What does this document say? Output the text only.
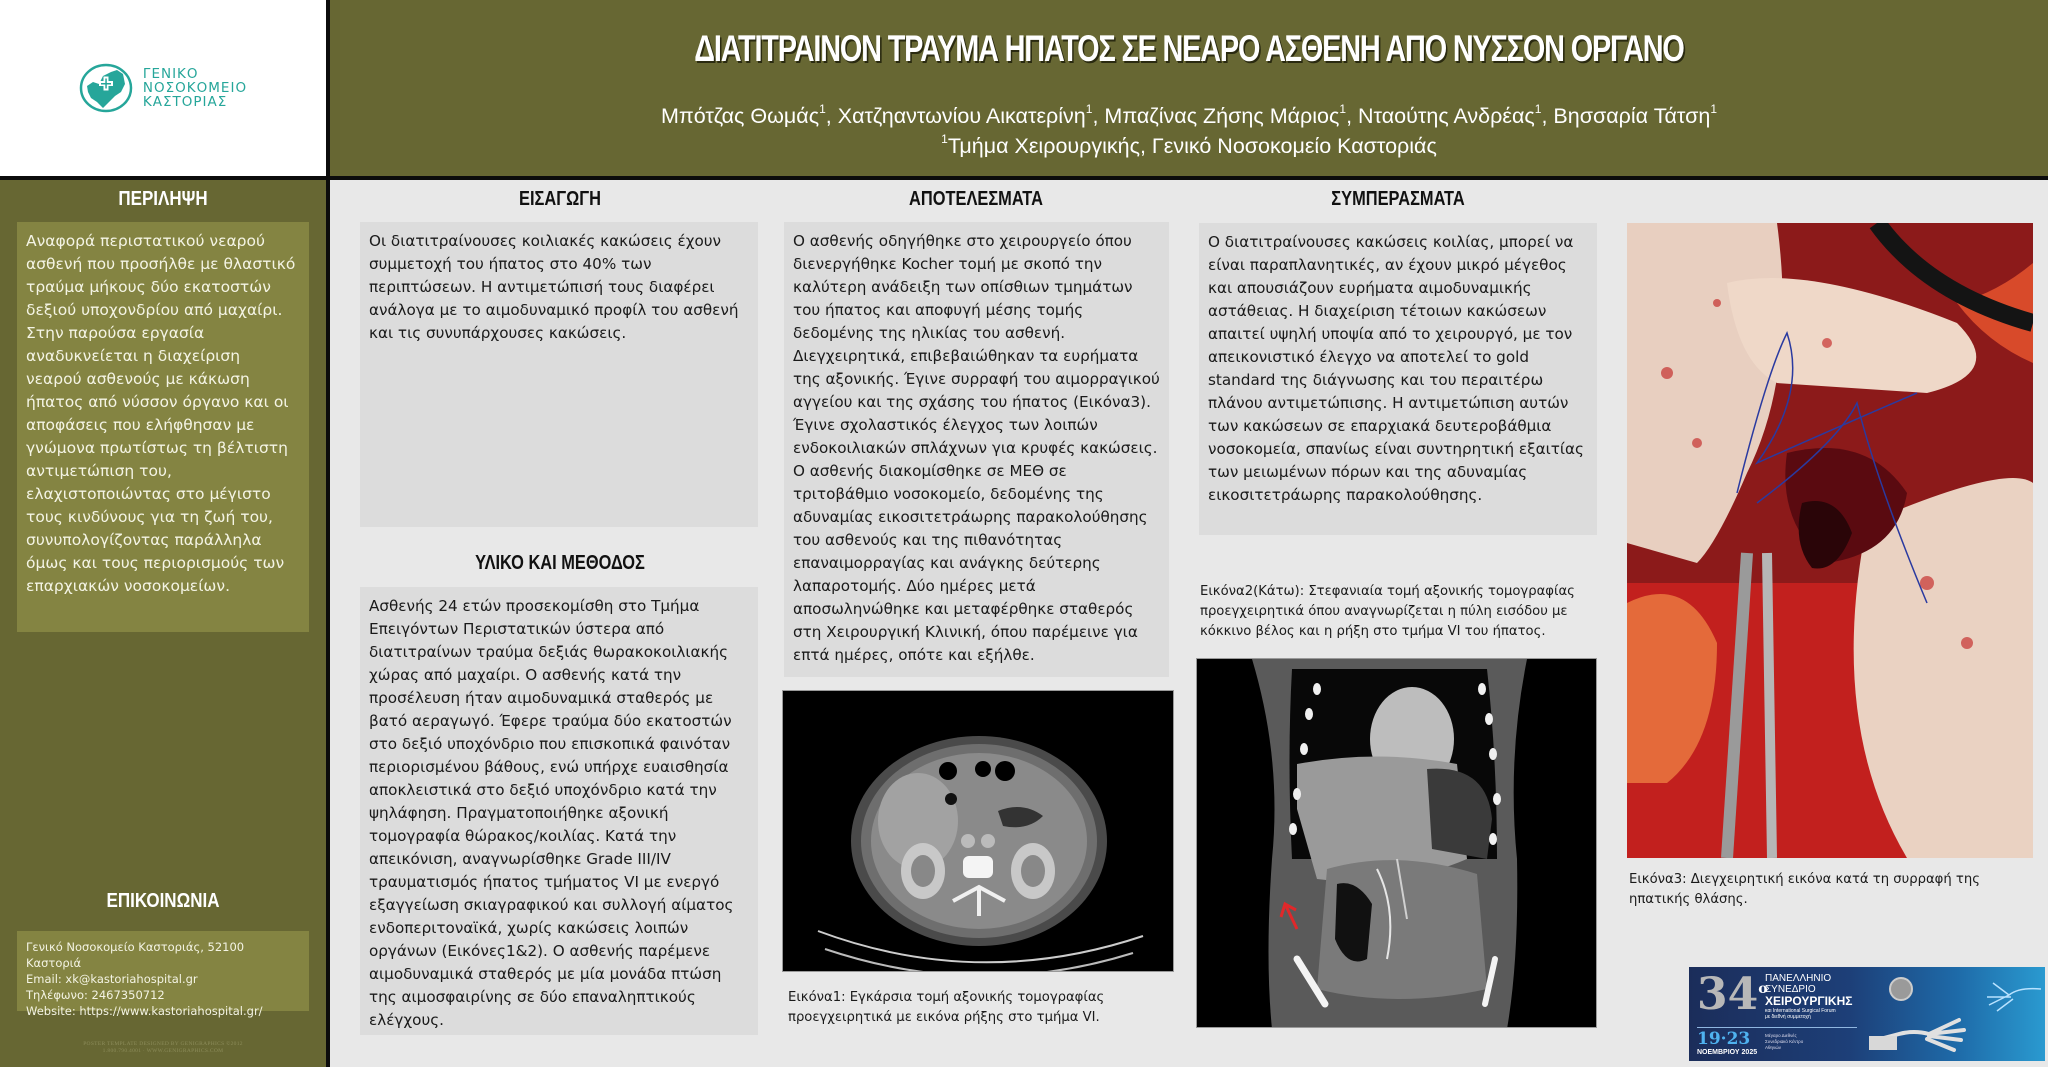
ΓΕΝΙΚΟ
ΝΟΣΟΚΟΜΕΙΟ
ΚΑΣΤΟΡΙΑΣ
ΔΙΑΤΙΤΡΑΙΝΟΝ ΤΡΑΥΜΑ ΗΠΑΤΟΣ ΣΕ ΝΕΑΡΟ ΑΣΘΕΝΗ ΑΠΟ ΝΥΣΣΟΝ ΟΡΓΑΝΟ
Μπότζας Θωμάς$^1$, Χατζηαντωνίου Αικατερίνη$^1$, Μπαζίνας Ζήσης Μάριος$^1$, Νταούτης Ανδρέας$^1$, Βησσαρία Τάτση$^1$
$^1$Τμήμα Χειρουργικής, Γενικό Νοσοκομείο Καστοριάς
ΠΕΡΙΛΗΨΗ
Αναφορά περιστατικού νεαρού ασθενή που προσήλθε με θλαστικό τραύμα μήκους δύο εκατοστών δεξιού υποχονδρίου από μαχαίρι. Στην παρούσα εργασία αναδυκνείεται η διαχείριση νεαρού ασθενούς με κάκωση ήπατος από νύσσον όργανο και οι αποφάσεις που ελήφθησαν με γνώμονα πρωτίστως τη βέλτιστη αντιμετώπιση του, ελαχιστοποιώντας στο μέγιστο τους κινδύνους για τη ζωή του, συνυπολογίζοντας παράλληλα όμως και τους περιορισμούς των επαρχιακών νοσοκομείων.
ΕΠΙΚΟΙΝΩΝΙΑ
Γενικό Νοσοκομείο Καστοριάς, 52100 Καστοριά
Email: xk@kastoriahospital.gr
Τηλέφωνο: 2467350712
Website: https://www.kastoriahospital.gr/
POSTER TEMPLATE DESIGNED BY GENIGRAPHICS ©2012
1.800.790.4001 · WWW.GENIGRAPHICS.COM
ΕΙΣΑΓΩΓΗ
Οι διατιτραίνουσες κοιλιακές κακώσεις έχουν συμμετοχή του ήπατος στο 40% των περιπτώσεων. Η αντιμετώπισή τους διαφέρει ανάλογα με το αιμοδυναμικό προφίλ του ασθενή και τις συνυπάρχουσες κακώσεις.
ΥΛΙΚΟ ΚΑΙ ΜΕΘΟΔΟΣ
Ασθενής 24 ετών προσεκομίσθη στο Τμήμα Επειγόντων Περιστατικών ύστερα από διατιτραίνων τραύμα δεξιάς θωρακοκοιλιακής χώρας από μαχαίρι. Ο ασθενής κατά την προσέλευση ήταν αιμοδυναμικά σταθερός με βατό αεραγωγό. Έφερε τραύμα δύο εκατοστών στο δεξιό υποχόνδριο που επισκοπικά φαινόταν περιορισμένου βάθους, ενώ υπήρχε ευαισθησία αποκλειστικά στο δεξιό υποχόνδριο κατά την ψηλάφηση. Πραγματοποιήθηκε αξονική τομογραφία θώρακος/κοιλίας. Κατά την απεικόνιση, αναγνωρίσθηκε Grade III/IV τραυματισμός ήπατος τμήματος VI με ενεργό εξαγγείωση σκιαγραφικού και συλλογή αίματος ενδοπεριτοναϊκά, χωρίς κακώσεις λοιπών οργάνων (Εικόνες1&2). Ο ασθενής παρέμενε αιμοδυναμικά σταθερός με μία μονάδα πτώση της αιμοσφαιρίνης σε δύο επαναληπτικούς ελέγχους.
ΑΠΟΤΕΛΕΣΜΑΤΑ
Ο ασθενής οδηγήθηκε στο χειρουργείο όπου διενεργήθηκε Kocher τομή με σκοπό την καλύτερη ανάδειξη των οπίσθιων τμημάτων του ήπατος και αποφυγή μέσης τομής δεδομένης της ηλικίας του ασθενή. Διεγχειρητικά, επιβεβαιώθηκαν τα ευρήματα της αξονικής. Έγινε συρραφή του αιμορραγικού αγγείου και της σχάσης του ήπατος (Εικόνα3). Έγινε σχολαστικός έλεγχος των λοιπών ενδοκοιλιακών σπλάχνων για κρυφές κακώσεις. Ο ασθενής διακομίσθηκε σε ΜΕΘ σε τριτοβάθμιο νοσοκομείο, δεδομένης της αδυναμίας εικοσιτετράωρης παρακολούθησης του ασθενούς και της πιθανότητας επαναιμορραγίας και ανάγκης δεύτερης λαπαροτομής. Δύο ημέρες μετά αποσωληνώθηκε και μεταφέρθηκε σταθερός στη Χειρουργική Κλινική, όπου παρέμεινε για επτά ημέρες, οπότε και εξήλθε.
Εικόνα1: Εγκάρσια τομή αξονικής τομογραφίας προεγχειρητικά με εικόνα ρήξης στο τμήμα VI.
ΣΥΜΠΕΡΑΣΜΑΤΑ
Ο διατιτραίνουσες κακώσεις κοιλίας, μπορεί να είναι παραπλανητικές, αν έχουν μικρό μέγεθος και απουσιάζουν ευρήματα αιμοδυναμικής αστάθειας. Η διαχείριση τέτοιων κακώσεων απαιτεί υψηλή υποψία από το χειρουργό, με τον απεικονιστικό έλεγχο να αποτελεί το gold standard της διάγνωσης και του περαιτέρω πλάνου αντιμετώπισης. Η αντιμετώπιση αυτών των κακώσεων σε επαρχιακά δευτεροβάθμια νοσοκομεία, σπανίως είναι συντηρητική εξαιτίας των μειωμένων πόρων και της αδυναμίας εικοσιτετράωρης παρακολούθησης.
Εικόνα2(Κάτω): Στεφανιαία τομή αξονικής τομογραφίας προεγχειρητικά όπου αναγνωρίζεται η πύλη εισόδου με κόκκινο βέλος και η ρήξη στο τμήμα VI του ήπατος.
Εικόνα3: Διεγχειρητική εικόνα κατά τη συρραφή της ηπατικής θλάσης.
$34^o$
ΠΑΝΕΛΛΗΝΙΟ
ΣΥΝΕΔΡΙΟ
ΧΕΙΡΟΥΡΓΙΚΗΣ
και International Surgical Forum
με διεθνή συμμετοχή
19·23
ΝΟΕΜΒΡΙΟΥ 2025
Μέγαρο Διεθνές
Συνεδριακό Κέντρο
Αθηνών
